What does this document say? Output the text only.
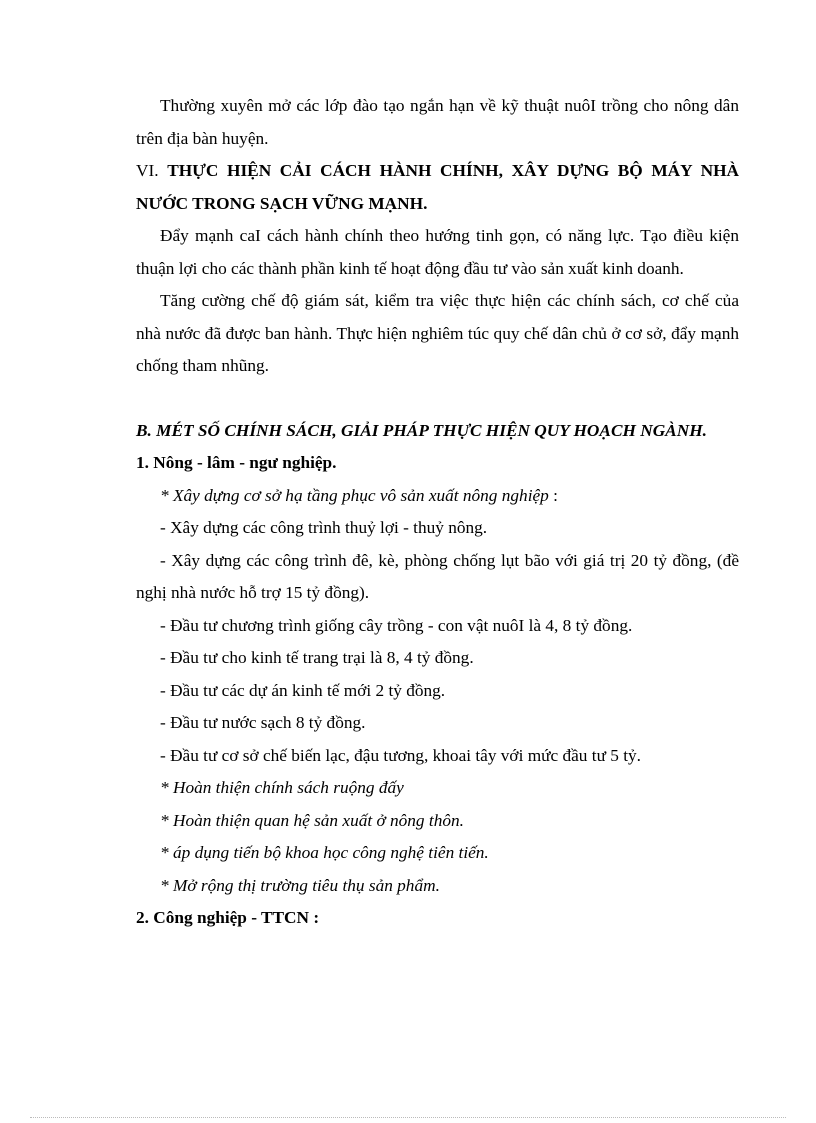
Thường xuyên mở các lớp đào tạo ngắn hạn về kỹ thuật nuôI trồng cho nông dân trên địa bàn huyện.

VI. THỰC HIỆN CẢI CÁCH HÀNH CHÍNH, XÂY DỰNG BỘ MÁY NHÀ NƯỚC TRONG SẠCH VỮNG MẠNH.

Đẩy mạnh caI cách hành chính theo hướng tinh gọn, có năng lực. Tạo điều kiện thuận lợi cho các thành phần kinh tế hoạt động đầu tư vào sản xuất kinh doanh.

Tăng cường chế độ giám sát, kiểm tra việc thực hiện các chính sách, cơ chế của nhà nước đã được ban hành. Thực hiện nghiêm túc quy chế dân chủ ở cơ sở, đẩy mạnh chống tham nhũng.

B. MÉT SỐ CHÍNH SÁCH, GIẢI PHÁP THỰC HIỆN QUY HOẠCH NGÀNH.

1. Nông - lâm - ngư nghiệp.

* Xây dựng cơ sở hạ tầng phục vô sản xuất nông nghiệp :

- Xây dựng các công trình thuỷ lợi - thuỷ nông.

- Xây dựng các công trình đê, kè, phòng chống lụt bão với giá trị 20 tỷ đồng, (đề nghị nhà nước hỗ trợ 15 tỷ đồng).

- Đầu tư chương trình giống cây trồng - con vật nuôI là 4, 8 tỷ đồng.

- Đầu tư cho kinh tế trang trại là 8, 4 tỷ đồng.

- Đầu tư các dự án kinh tế mới 2 tỷ đồng.

- Đầu tư nước sạch 8 tỷ đồng.

- Đầu tư cơ sở chế biến lạc, đậu tương, khoai tây với mức đầu tư 5 tỷ.

* Hoàn thiện chính sách ruộng đấy

* Hoàn thiện quan hệ sản xuất ở nông thôn.

* áp dụng tiến bộ khoa học công nghệ tiên tiến.

* Mở rộng thị trường tiêu thụ sản phẩm.

2. Công nghiệp - TTCN :
